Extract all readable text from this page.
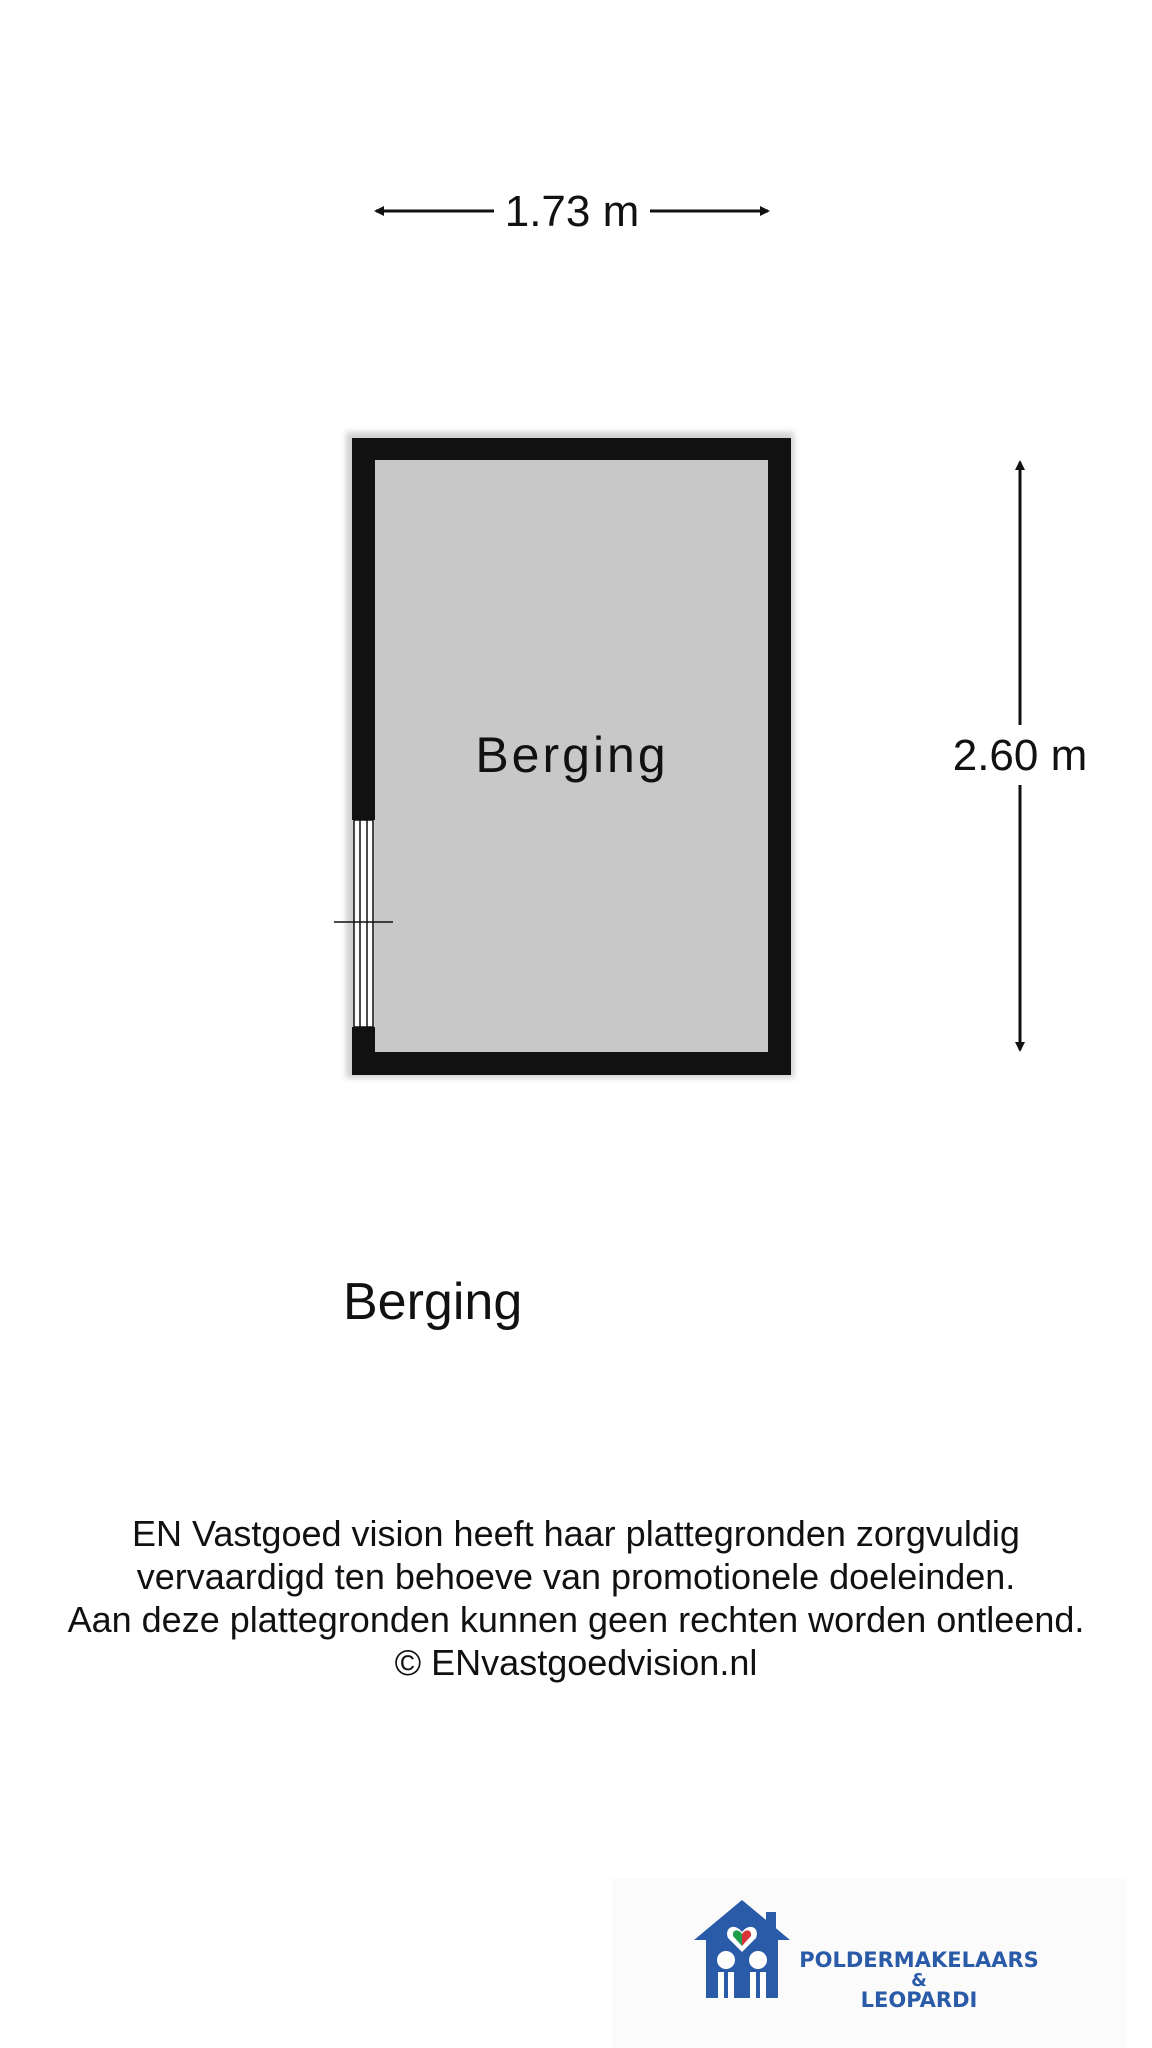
1.73 m
2.60 m
Berging
Berging
EN Vastgoed vision heeft haar plattegronden zorgvuldig
vervaardigd ten behoeve van promotionele doeleinden.
Aan deze plattegronden kunnen geen rechten worden ontleend.
© ENvastgoedvision.nl
POLDERMAKELAARS
&
LEOPARDI
